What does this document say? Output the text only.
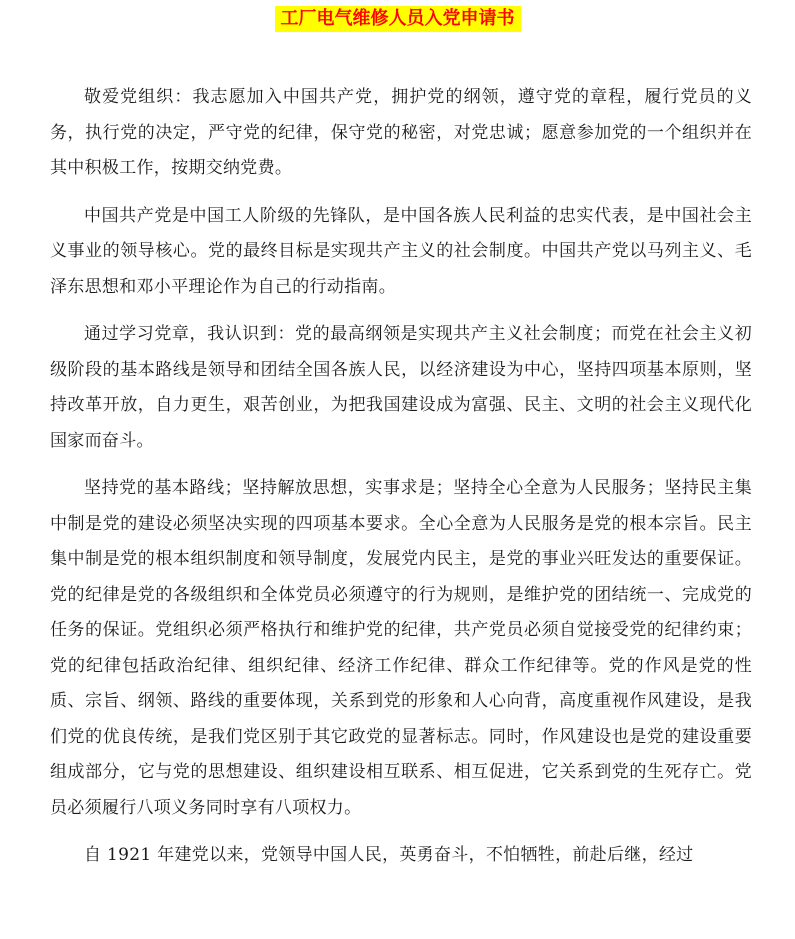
工厂电气维修人员入党申请书

敬爱党组织：我志愿加入中国共产党，拥护党的纲领，遵守党的章程，履行党员的义务，执行党的决定，严守党的纪律，保守党的秘密，对党忠诚；愿意参加党的一个组织并在其中积极工作，按期交纳党费。

中国共产党是中国工人阶级的先锋队，是中国各族人民利益的忠实代表，是中国社会主义事业的领导核心。党的最终目标是实现共产主义的社会制度。中国共产党以马列主义、毛泽东思想和邓小平理论作为自己的行动指南。

通过学习党章，我认识到：党的最高纲领是实现共产主义社会制度；而党在社会主义初级阶段的基本路线是领导和团结全国各族人民，以经济建设为中心，坚持四项基本原则，坚持改革开放，自力更生，艰苦创业，为把我国建设成为富强、民主、文明的社会主义现代化国家而奋斗。

坚持党的基本路线；坚持解放思想，实事求是；坚持全心全意为人民服务；坚持民主集中制是党的建设必须坚决实现的四项基本要求。全心全意为人民服务是党的根本宗旨。民主集中制是党的根本组织制度和领导制度，发展党内民主，是党的事业兴旺发达的重要保证。党的纪律是党的各级组织和全体党员必须遵守的行为规则，是维护党的团结统一、完成党的任务的保证。党组织必须严格执行和维护党的纪律，共产党员必须自觉接受党的纪律约束；党的纪律包括政治纪律、组织纪律、经济工作纪律、群众工作纪律等。党的作风是党的性质、宗旨、纲领、路线的重要体现，关系到党的形象和人心向背，高度重视作风建设，是我们党的优良传统，是我们党区别于其它政党的显著标志。同时，作风建设也是党的建设重要组成部分，它与党的思想建设、组织建设相互联系、相互促进，它关系到党的生死存亡。党员必须履行八项义务同时享有八项权力。

自 1921 年建党以来，党领导中国人民，英勇奋斗，不怕牺牲，前赴后继，经过
